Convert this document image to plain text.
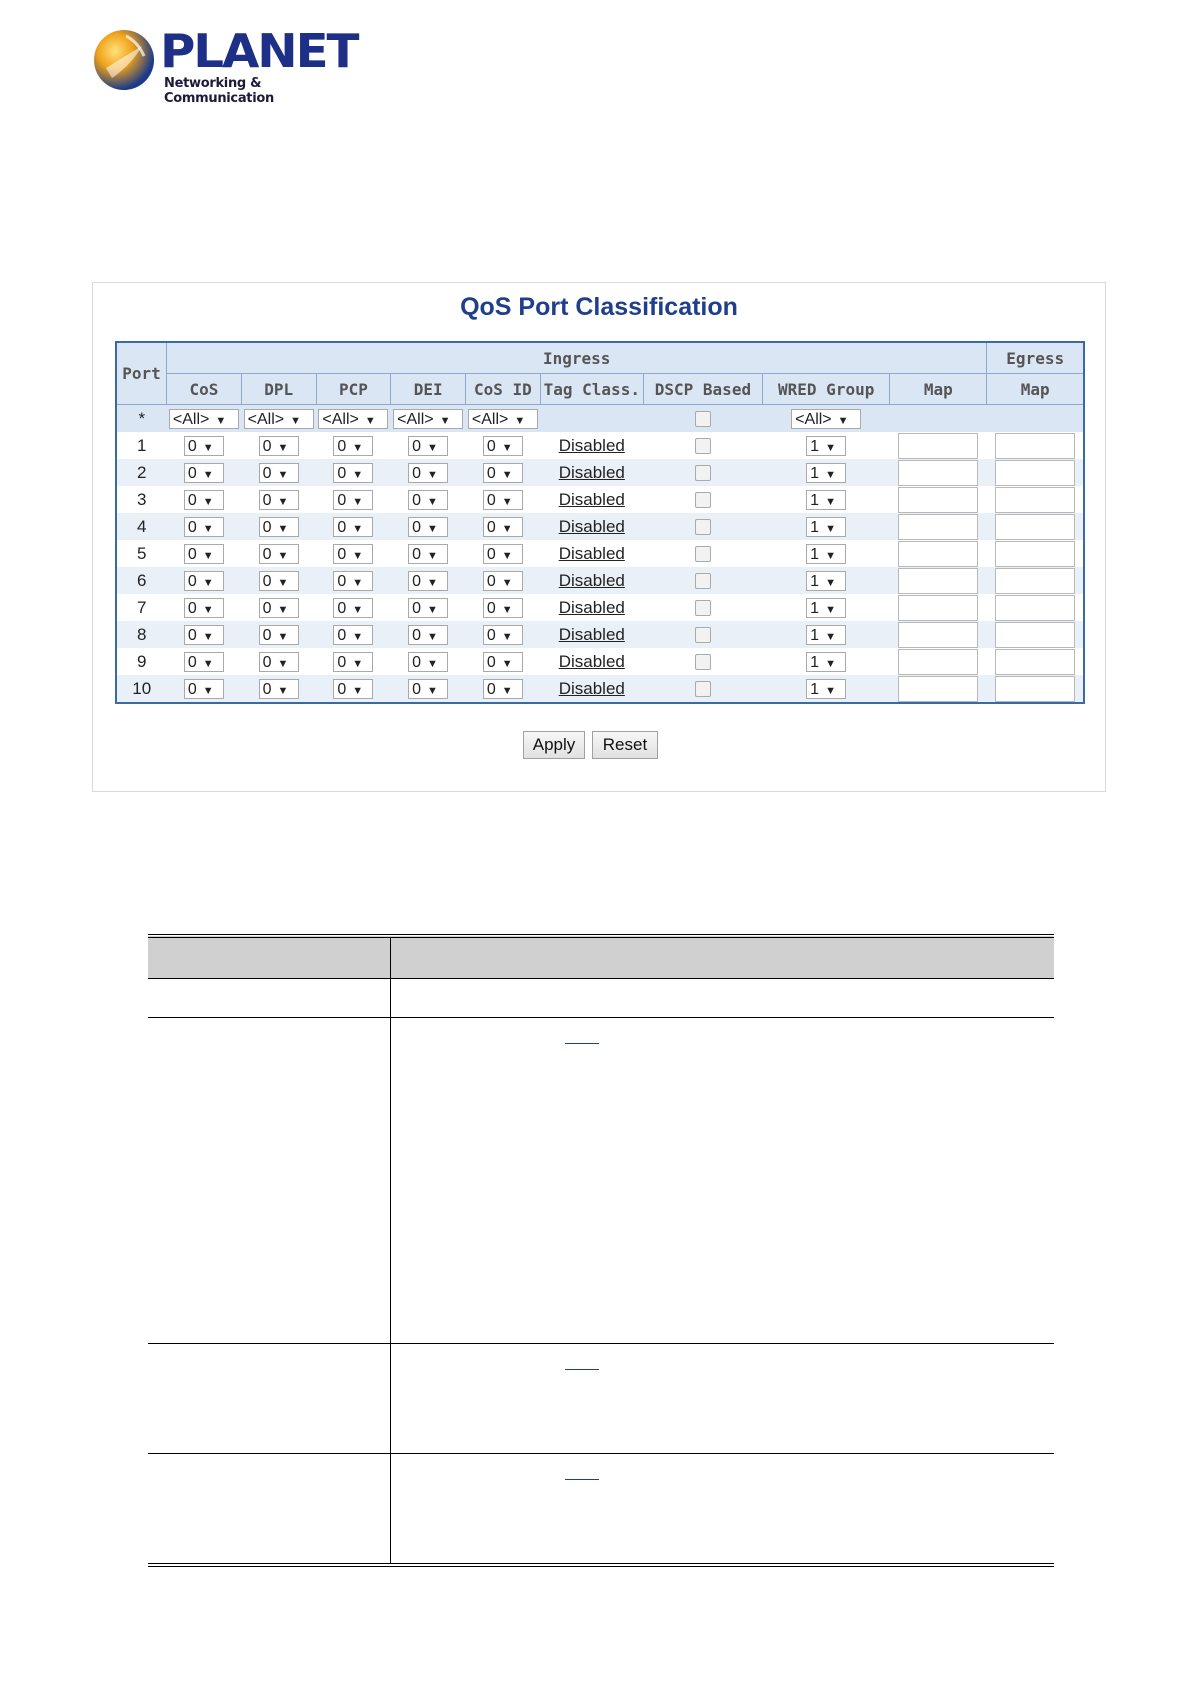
PLANET
Networking & Communication
QoS Port Classification
Port	Ingress									Egress
	CoS	DPL	PCP	DEI	CoS ID	Tag Class.	DSCP Based	WRED Group	Map	Map
*	<All> ▼	<All> ▼	<All> ▼	<All> ▼	<All> ▼			<All> ▼		
1	0 ▼	0 ▼	0 ▼	0 ▼	0 ▼	Disabled		1 ▼		
2	0 ▼	0 ▼	0 ▼	0 ▼	0 ▼	Disabled		1 ▼		
3	0 ▼	0 ▼	0 ▼	0 ▼	0 ▼	Disabled		1 ▼		
4	0 ▼	0 ▼	0 ▼	0 ▼	0 ▼	Disabled		1 ▼		
5	0 ▼	0 ▼	0 ▼	0 ▼	0 ▼	Disabled		1 ▼		
6	0 ▼	0 ▼	0 ▼	0 ▼	0 ▼	Disabled		1 ▼		
7	0 ▼	0 ▼	0 ▼	0 ▼	0 ▼	Disabled		1 ▼		
8	0 ▼	0 ▼	0 ▼	0 ▼	0 ▼	Disabled		1 ▼		
9	0 ▼	0 ▼	0 ▼	0 ▼	0 ▼	Disabled		1 ▼		
10	0 ▼	0 ▼	0 ▼	0 ▼	0 ▼	Disabled		1 ▼		
Apply	Reset
